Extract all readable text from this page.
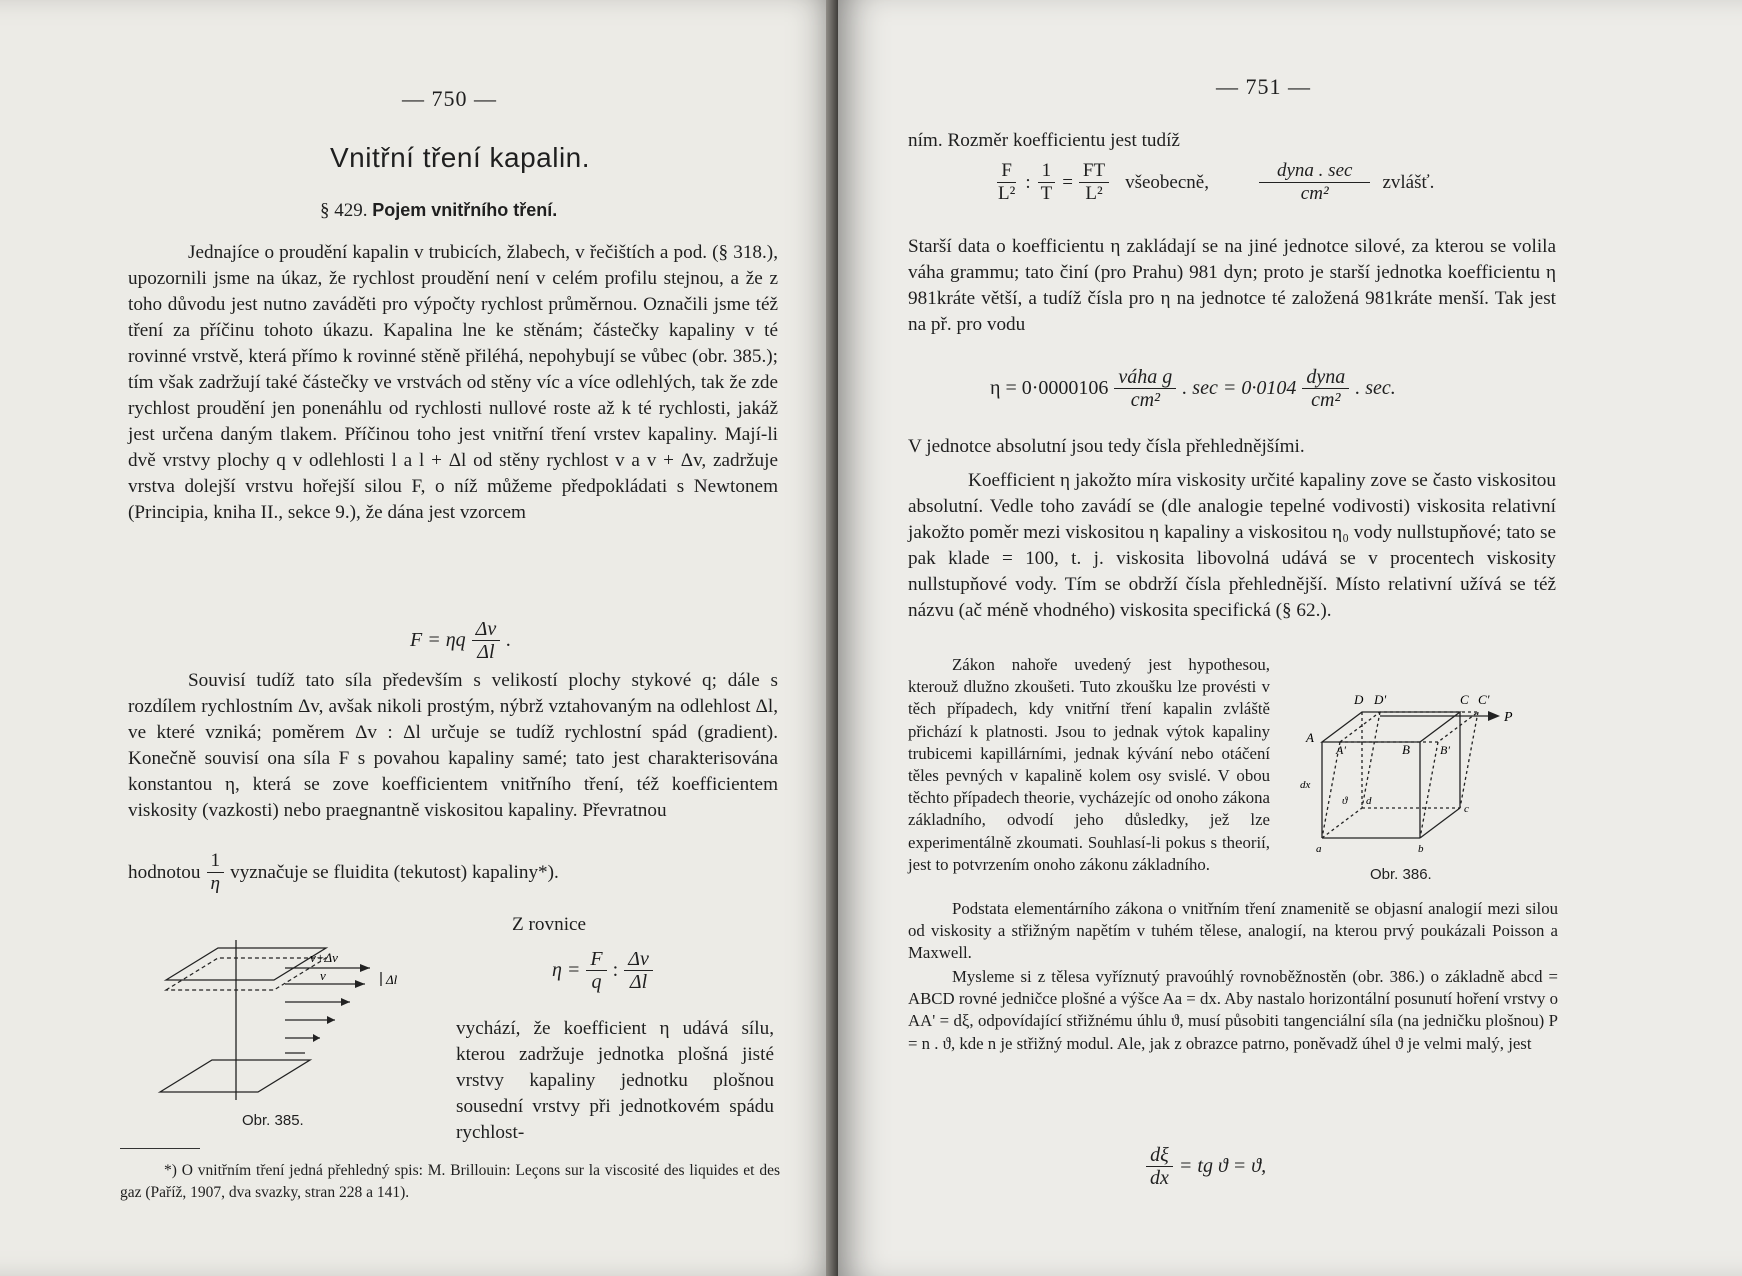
— 750 —
Vnitřní tření kapalin.
§ 429. Pojem vnitřního tření.

Jednajíce o proudění kapalin v trubicích, žlabech, v řečištích a pod. (§ 318.), upozornili jsme na úkaz, že rychlost proudění není v celém profilu stejnou, a že z toho důvodu jest nutno zaváděti pro výpočty rychlost průměrnou. Označili jsme též tření za příčinu tohoto úkazu. Kapalina lne ke stěnám; částečky kapaliny v té rovinné vrstvě, která přímo k rovinné stěně přiléhá, nepohybují se vůbec (obr. 385.); tím však zadržují také částečky ve vrstvách od stěny víc a více odlehlých, tak že zde rychlost proudění jen ponenáhlu od rychlosti nullové roste až k té rychlosti, jakáž jest určena daným tlakem. Příčinou toho jest vnitřní tření vrstev kapaliny. Mají-li dvě vrstvy plochy q v odlehlosti l a l + Δl od stěny rychlost v a v + Δv, zadržuje vrstva dolejší vrstvu hořejší silou F, o níž můžeme předpokládati s Newtonem (Principia, kniha II., sekce 9.), že dána jest vzorcem

F = ηq $\frac{\Delta v}{\Delta l}$ .

Souvisí tudíž tato síla především s velikostí plochy stykové q; dále s rozdílem rychlostním Δv, avšak nikoli prostým, nýbrž vztahovaným na odlehlost Δl, ve které vzniká; poměrem Δv : Δl určuje se tudíž rychlostní spád (gradient). Konečně souvisí ona síla F s povahou kapaliny samé; tato jest charakterisována konstantou η, která se zove koefficientem vnitřního tření, též koefficientem viskosity (vazkosti) nebo praegnantně viskositou kapaliny. Převratnou

hodnotou $\frac{1}{\eta}$ vyznačuje se fluidita (tekutost) kapaliny*).
Z rovnice
$\eta = \frac{F}{q}$ : $\frac{\Delta v}{\Delta l}$
vychází, že koefficient η udává sílu, kterou zadržuje jednotka plošná jisté vrstvy kapaliny jednotku plošnou sousední vrstvy při jednotkovém spádu rychlost-
v+Δv
v	Δl
Obr. 385.
*) O vnitřním tření jedná přehledný spis: M. Brillouin: Leçons sur la viscosité des liquides et des gaz (Paříž, 1907, dva svazky, stran 228 a 141).
— 751 —
ním. Rozměr koefficientu jest tudíž
$\frac{F}{\text{L²}}$ : $\frac{1}{T} = \frac{FT}{\text{L²}}$ všeobecně,	$\frac{\text{dyna . sec}}{\text{cm²}}$ zvlášť.

Starší data o koefficientu η zakládají se na jiné jednotce silové, za kterou se volila váha grammu; tato činí (pro Prahu) 981 dyn; proto je starší jednotka koefficientu η 981kráte větší, a tudíž čísla pro η na jednotce té založená 981kráte menší. Tak jest na př. pro vodu

$\eta = 0\cdot 0000106 \frac{\text{váha g}}{\text{cm²}}$ . $\sec = 0\cdot 0104 \frac{\text{dyna}}{\text{cm²}}$ . sec.
V jednotce absolutní jsou tedy čísla přehlednějšími.

Koefficient η jakožto míra viskosity určité kapaliny zove se často viskositou absolutní. Vedle toho zavádí se (dle analogie tepelné vodivosti) viskosita relativní jakožto poměr mezi viskositou η kapaliny a viskositou η₀ vody nullstupňové; tato se pak klade = 100, t. j. viskosita libovolná udává se v procentech viskosity nullstupňové vody. Tím se obdrží čísla přehlednější. Místo relativní užívá se též názvu (ač méně vhodného) viskosita specifická (§ 62.).

Zákon nahoře uvedený jest hypothesou, kterouž dlužno zkoušeti. Tuto zkoušku lze provésti v těch případech, kdy vnitřní tření kapalin zvláště přichází k platnosti. Jsou to jednak výtok kapaliny trubicemi kapillárními, jednak kývání nebo otáčení těles pevných v kapalině kolem osy svislé. V obou těchto případech theorie, vycházejíc od onoho zákona základního, odvodí jeho důsledky, jež lze experimentálně zkoumati. Souhlasí-li pokus s theorií, jest to potvrzením onoho zákonu základního.

D D'	C C'
P
A
A'	B	B'
dx
ϑ d
c
a	b
Obr. 386.

Podstata elementárního zákona o vnitřním tření znamenitě se objasní analogií mezi silou od viskosity a střižným napětím v tuhém tělese, analogií, na kterou prvý poukázali Poisson a Maxwell.

Mysleme si z tělesa vyříznutý pravoúhlý rovnoběžnostěn (obr. 386.) o základně abcd = ABCD rovné jedničce plošné a výšce Aa = dx. Aby nastalo horizontální posunutí hoření vrstvy o AA' = dξ, odpovídající střižnému úhlu ϑ, musí působiti tangenciální síla (na jedničku plošnou) P = n . ϑ, kde n je střižný modul. Ale, jak z obrazce patrno, poněvadž úhel ϑ je velmi malý, jest

$\frac{d\xi}{dx}$ = tg ϑ = ϑ,
